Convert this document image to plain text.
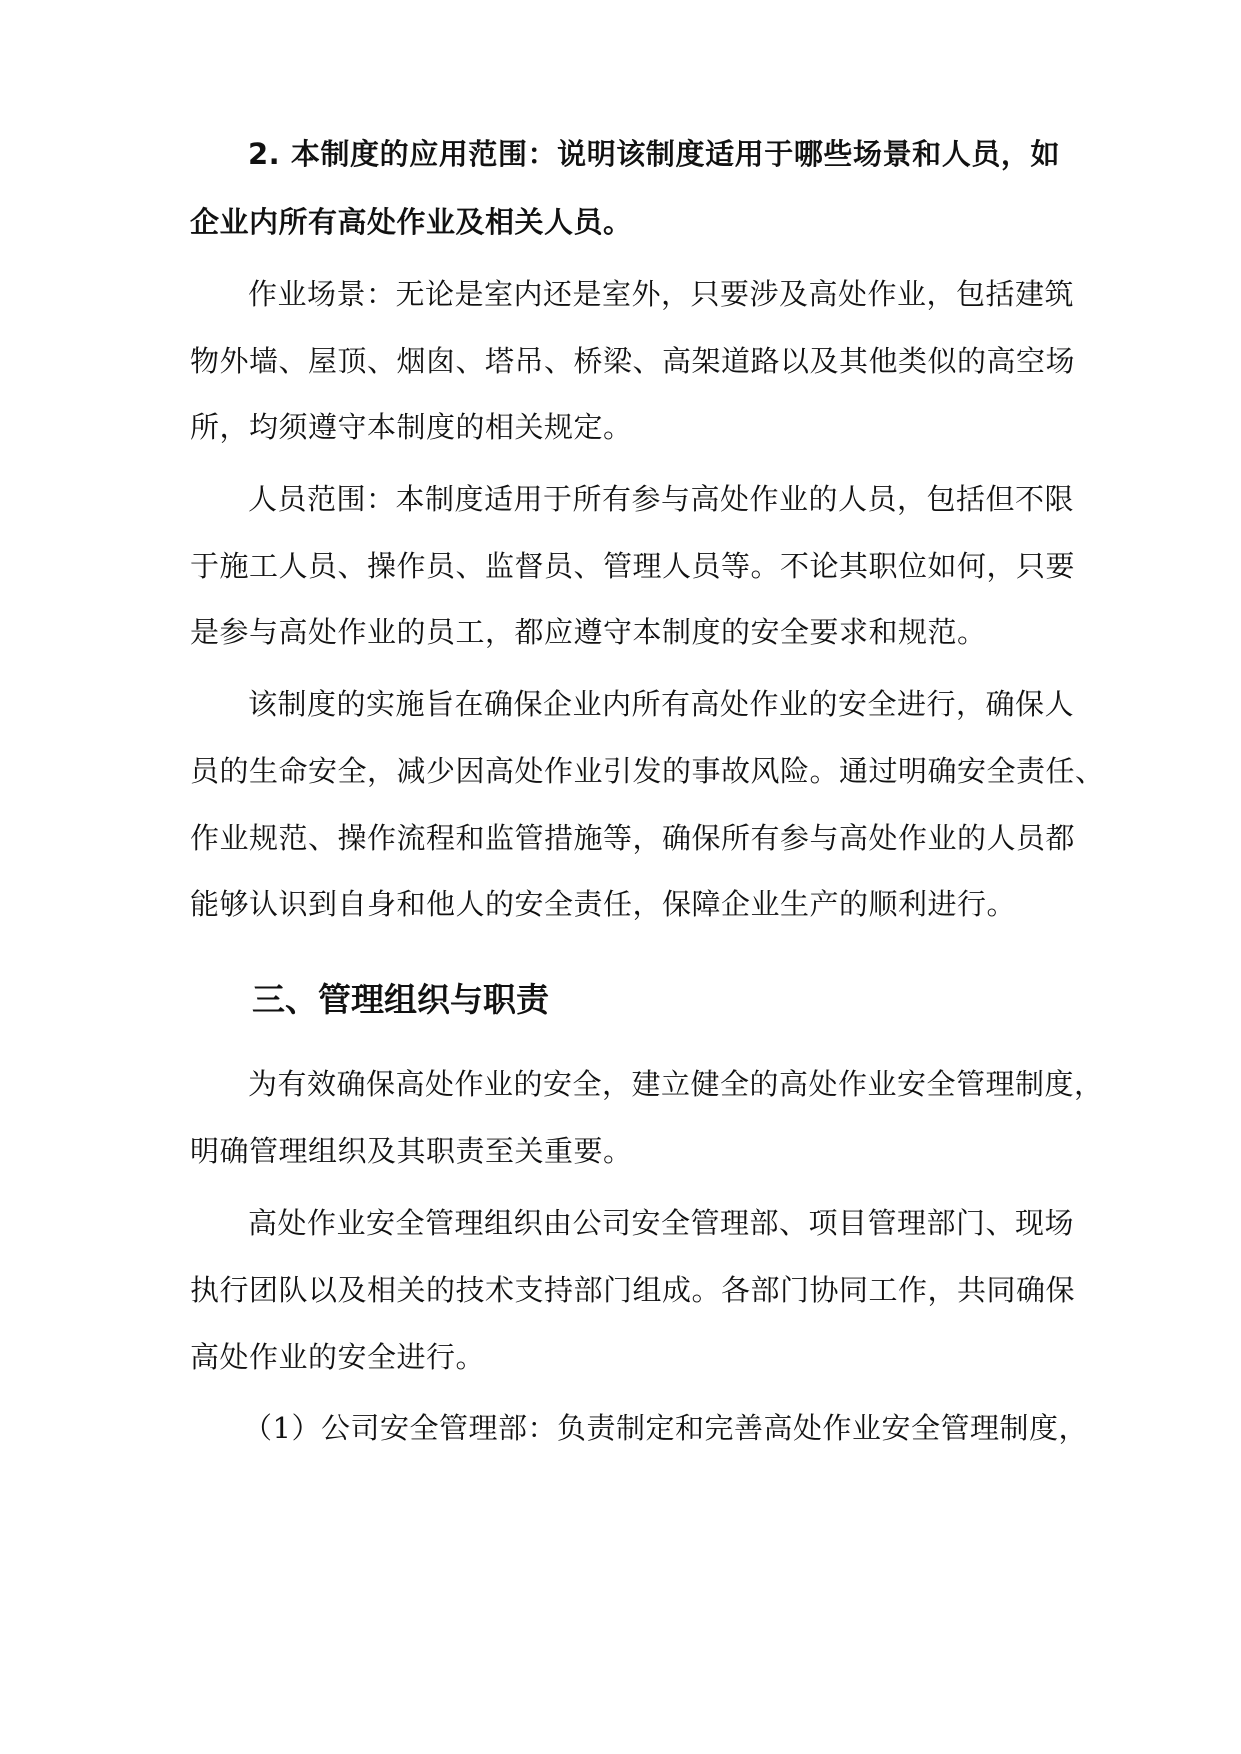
2. 本制度的应用范围：说明该制度适用于哪些场景和人员，如
企业内所有高处作业及相关人员。
作业场景：无论是室内还是室外，只要涉及高处作业，包括建筑
物外墙、屋顶、烟囱、塔吊、桥梁、高架道路以及其他类似的高空场
所，均须遵守本制度的相关规定。
人员范围：本制度适用于所有参与高处作业的人员，包括但不限
于施工人员、操作员、监督员、管理人员等。不论其职位如何，只要
是参与高处作业的员工，都应遵守本制度的安全要求和规范。
该制度的实施旨在确保企业内所有高处作业的安全进行，确保人
员的生命安全，减少因高处作业引发的事故风险。通过明确安全责任、
作业规范、操作流程和监管措施等，确保所有参与高处作业的人员都
能够认识到自身和他人的安全责任，保障企业生产的顺利进行。
三、管理组织与职责
为有效确保高处作业的安全，建立健全的高处作业安全管理制度，
明确管理组织及其职责至关重要。
高处作业安全管理组织由公司安全管理部、项目管理部门、现场
执行团队以及相关的技术支持部门组成。各部门协同工作，共同确保
高处作业的安全进行。
（1）公司安全管理部：负责制定和完善高处作业安全管理制度，
